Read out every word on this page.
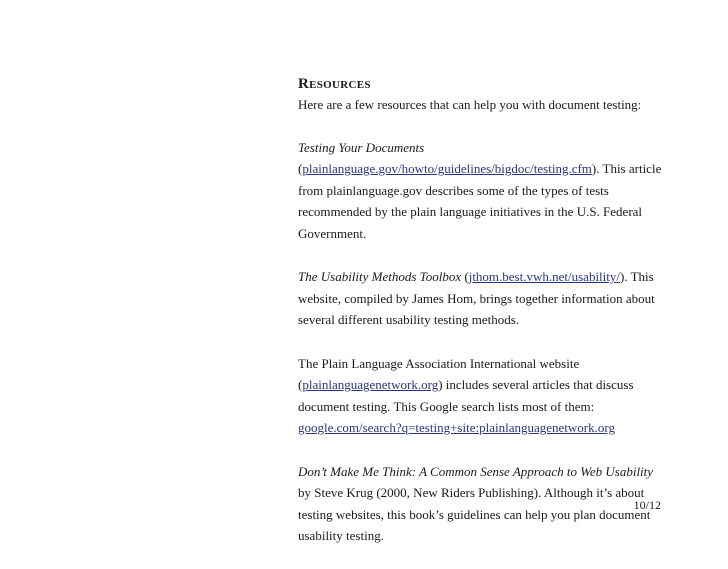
Resources

Here are a few resources that can help you with document testing:

Testing Your Documents (plainlanguage.gov/howto/guidelines/bigdoc/testing.cfm). This article from plainlanguage.gov describes some of the types of tests recommended by the plain language initiatives in the U.S. Federal Government.

The Usability Methods Toolbox (jthom.best.vwh.net/usability/). This website, compiled by James Hom, brings together information about several different usability testing methods.

The Plain Language Association International website (plainlanguagenetwork.org) includes several articles that discuss document testing. This Google search lists most of them: google.com/search?q=testing+site:plainlanguagenetwork.org

Don’t Make Me Think: A Common Sense Approach to Web Usability by Steve Krug (2000, New Riders Publishing). Although it’s about testing websites, this book’s guidelines can help you plan document usability testing.

10/12
